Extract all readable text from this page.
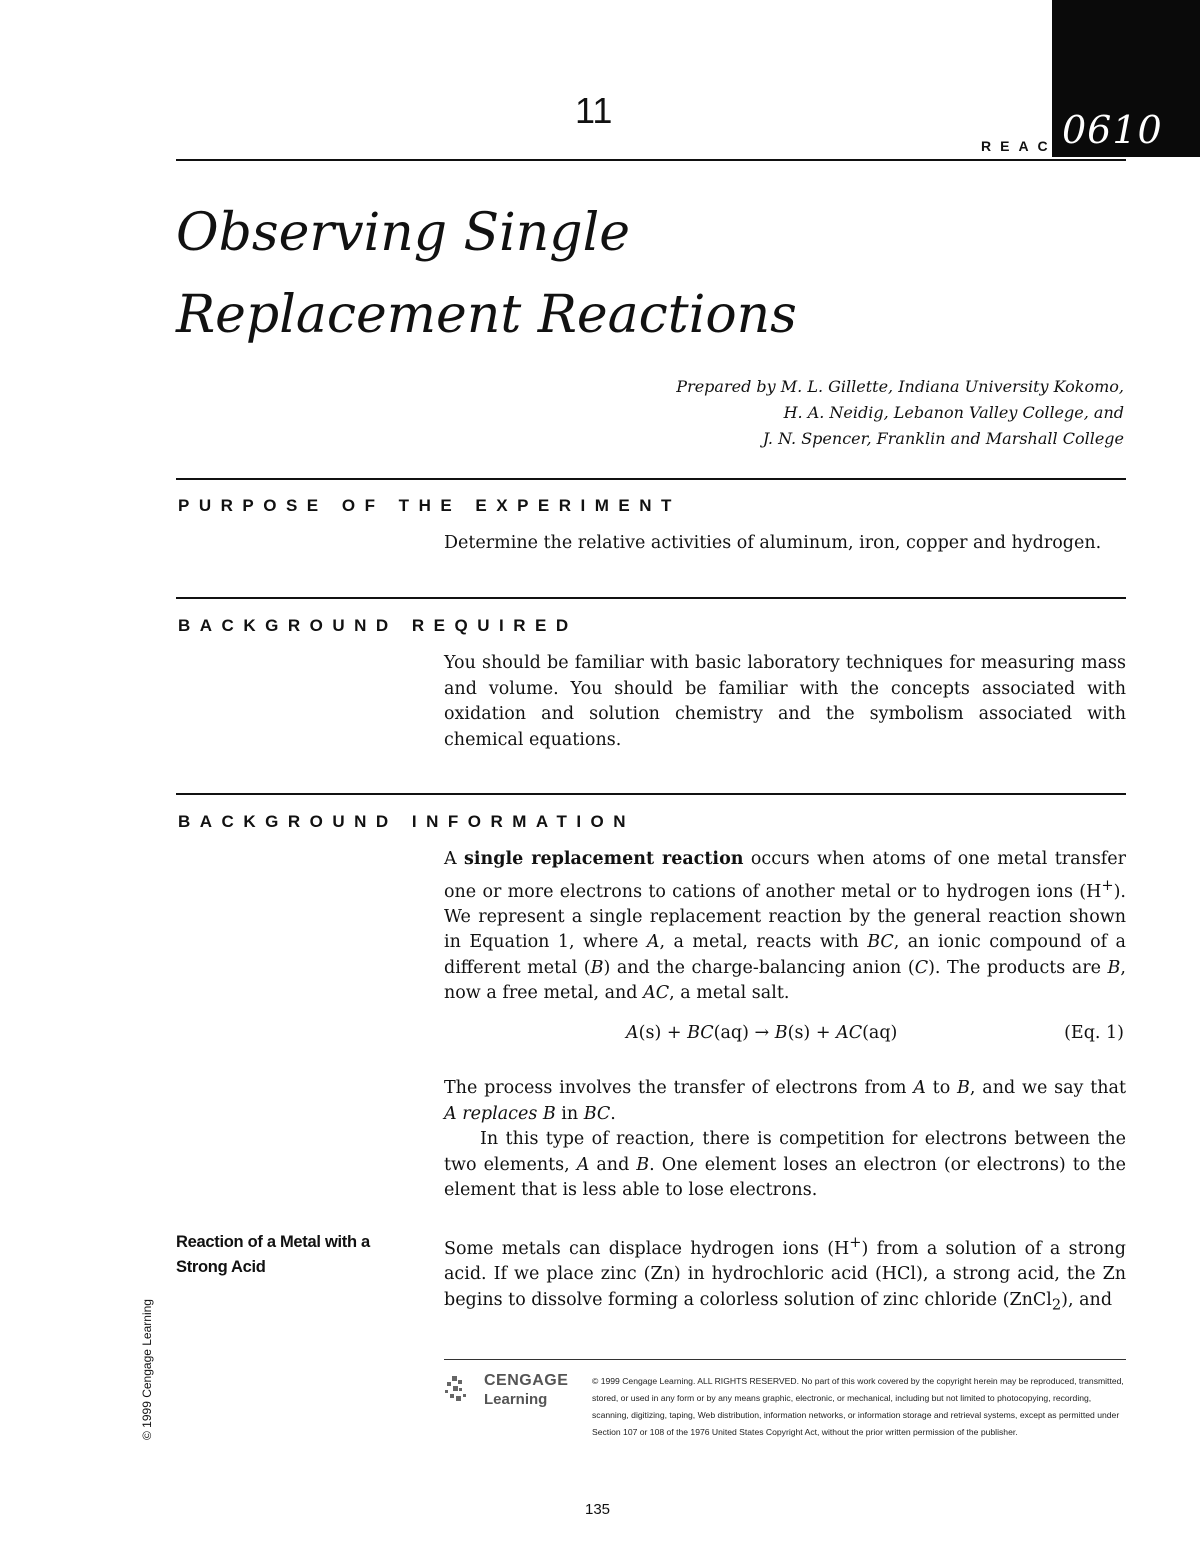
0610
11
REAC
Observing Single
Replacement Reactions
Prepared by M. L. Gillette, Indiana University Kokomo,
H. A. Neidig, Lebanon Valley College, and
J. N. Spencer, Franklin and Marshall College
PURPOSE OF THE EXPERIMENT
Determine the relative activities of aluminum, iron, copper and hydrogen.
BACKGROUND REQUIRED
You should be familiar with basic laboratory techniques for measuring mass and volume. You should be familiar with the concepts associated with oxidation and solution chemistry and the symbolism associated with chemical equations.
BACKGROUND INFORMATION

A single replacement reaction occurs when atoms of one metal transfer one or more electrons to cations of another metal or to hydrogen ions (H+). We represent a single replacement reaction by the general reaction shown in Equation 1, where A, a metal, reacts with BC, an ionic compound of a different metal (B) and the charge-balancing anion (C). The products are B, now a free metal, and AC, a metal salt.

A(s) + BC(aq) → B(s) + AC(aq)	(Eq. 1)

The process involves the transfer of electrons from A to B, and we say that A replaces B in BC.

In this type of reaction, there is competition for electrons between the two elements, A and B. One element loses an electron (or electrons) to the element that is less able to lose electrons.

Reaction of a Metal with a
Strong Acid

Some metals can displace hydrogen ions (H+) from a solution of a strong acid. If we place zinc (Zn) in hydrochloric acid (HCl), a strong acid, the Zn begins to dissolve forming a colorless solution of zinc chloride (ZnCl$_2$), and

© 1999 Cengage Learning	CENGAGE
Learning
© 1999 Cengage Learning. ALL RIGHTS RESERVED. No part of this work covered by the copyright herein may be reproduced, transmitted, stored, or used in any form or by any means graphic, electronic, or mechanical, including but not limited to photocopying, recording, scanning, digitizing, taping, Web distribution, information networks, or information storage and retrieval systems, except as permitted under Section 107 or 108 of the 1976 United States Copyright Act, without the prior written permission of the publisher.
135
